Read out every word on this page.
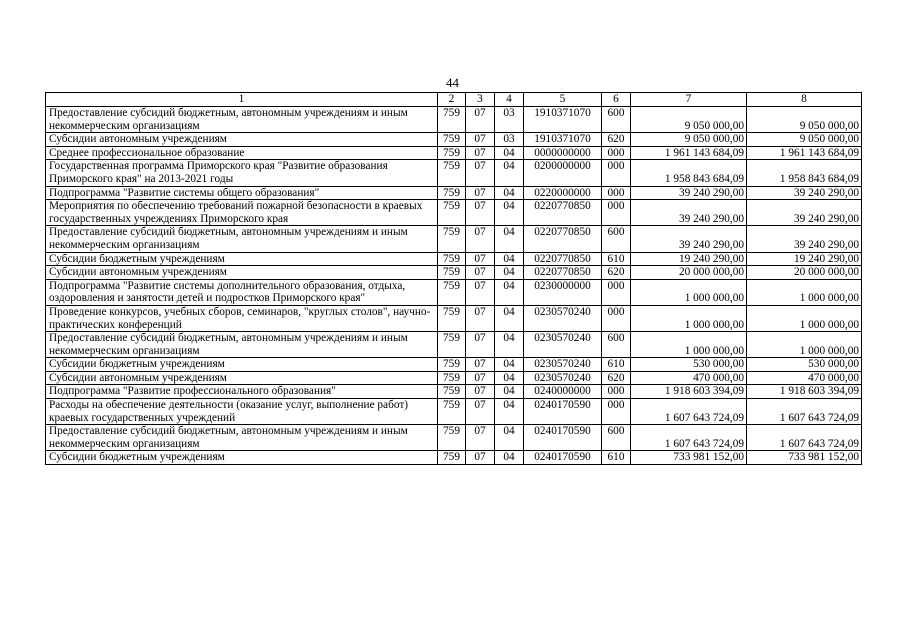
44
1	2	3	4	5	6	7	8
Предоставление субсидий бюджетным, автономным учреждениям и иным некоммерческим организациям	759	07	03	1910371070	600	9 050 000,00	9 050 000,00
Субсидии автономным учреждениям	759	07	03	1910371070	620	9 050 000,00	9 050 000,00
Среднее профессиональное образование	759	07	04	0000000000	000	1 961 143 684,09	1 961 143 684,09
Государственная программа Приморского края "Развитие образования Приморского края" на 2013-2021 годы	759	07	04	0200000000	000	1 958 843 684,09	1 958 843 684,09
Подпрограмма "Развитие системы общего образования"	759	07	04	0220000000	000	39 240 290,00	39 240 290,00
Мероприятия по обеспечению требований пожарной безопасности в краевых государственных учреждениях Приморского края	759	07	04	0220770850	000	39 240 290,00	39 240 290,00
Предоставление субсидий бюджетным, автономным учреждениям и иным некоммерческим организациям	759	07	04	0220770850	600	39 240 290,00	39 240 290,00
Субсидии бюджетным учреждениям	759	07	04	0220770850	610	19 240 290,00	19 240 290,00
Субсидии автономным учреждениям	759	07	04	0220770850	620	20 000 000,00	20 000 000,00
Подпрограмма "Развитие системы дополнительного образования, отдыха, оздоровления и занятости детей и подростков Приморского края"	759	07	04	0230000000	000	1 000 000,00	1 000 000,00
Проведение конкурсов, учебных сборов, семинаров, "круглых столов", научно-практических конференций	759	07	04	0230570240	000	1 000 000,00	1 000 000,00
Предоставление субсидий бюджетным, автономным учреждениям и иным некоммерческим организациям	759	07	04	0230570240	600	1 000 000,00	1 000 000,00
Субсидии бюджетным учреждениям	759	07	04	0230570240	610	530 000,00	530 000,00
Субсидии автономным учреждениям	759	07	04	0230570240	620	470 000,00	470 000,00
Подпрограмма "Развитие профессионального образования"	759	07	04	0240000000	000	1 918 603 394,09	1 918 603 394,09
Расходы на обеспечение деятельности (оказание услуг, выполнение работ) краевых государственных учреждений	759	07	04	0240170590	000	1 607 643 724,09	1 607 643 724,09
Предоставление субсидий бюджетным, автономным учреждениям и иным некоммерческим организациям	759	07	04	0240170590	600	1 607 643 724,09	1 607 643 724,09
Субсидии бюджетным учреждениям	759	07	04	0240170590	610	733 981 152,00	733 981 152,00
